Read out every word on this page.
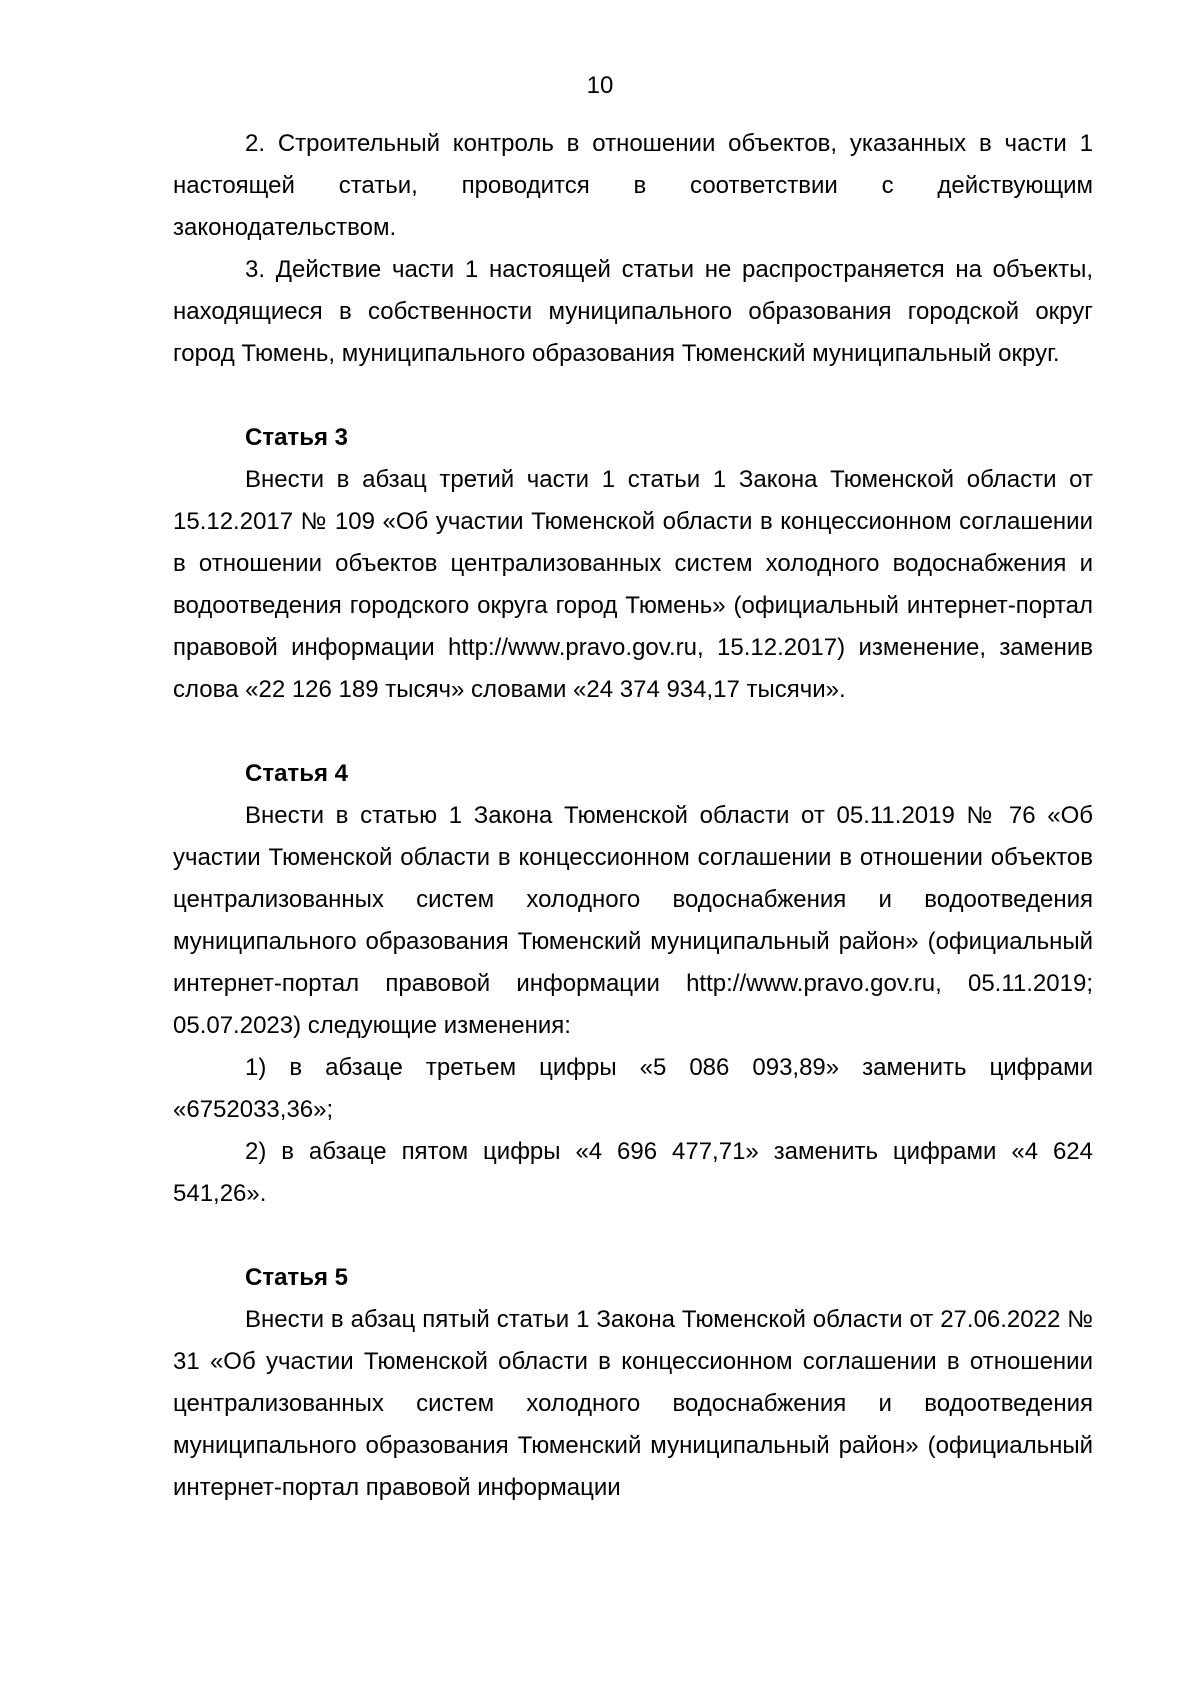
10

2. Строительный контроль в отношении объектов, указанных в части 1 настоящей статьи, проводится в соответствии с действующим законодательством.

3. Действие части 1 настоящей статьи не распространяется на объекты, находящиеся в собственности муниципального образования городской округ город Тюмень, муниципального образования Тюменский муниципальный округ.

Статья 3

Внести в абзац третий части 1 статьи 1 Закона Тюменской области от 15.12.2017 № 109 «Об участии Тюменской области в концессионном соглашении в отношении объектов централизованных систем холодного водоснабжения и водоотведения городского округа город Тюмень» (официальный интернет-портал правовой информации http://www.pravo.gov.ru, 15.12.2017) изменение, заменив слова «22 126 189 тысяч» словами «24 374 934,17 тысячи».

Статья 4

Внести в статью 1 Закона Тюменской области от 05.11.2019 № 76 «Об участии Тюменской области в концессионном соглашении в отношении объектов централизованных систем холодного водоснабжения и водоотведения муниципального образования Тюменский муниципальный район» (официальный интернет-портал правовой информации http://www.pravo.gov.ru, 05.11.2019; 05.07.2023) следующие изменения:

1) в абзаце третьем цифры «5 086 093,89» заменить цифрами «6752033,36»;

2) в абзаце пятом цифры «4 696 477,71» заменить цифрами «4 624 541,26».

Статья 5

Внести в абзац пятый статьи 1 Закона Тюменской области от 27.06.2022 № 31 «Об участии Тюменской области в концессионном соглашении в отношении централизованных систем холодного водоснабжения и водоотведения муниципального образования Тюменский муниципальный район» (официальный интернет-портал правовой информации
